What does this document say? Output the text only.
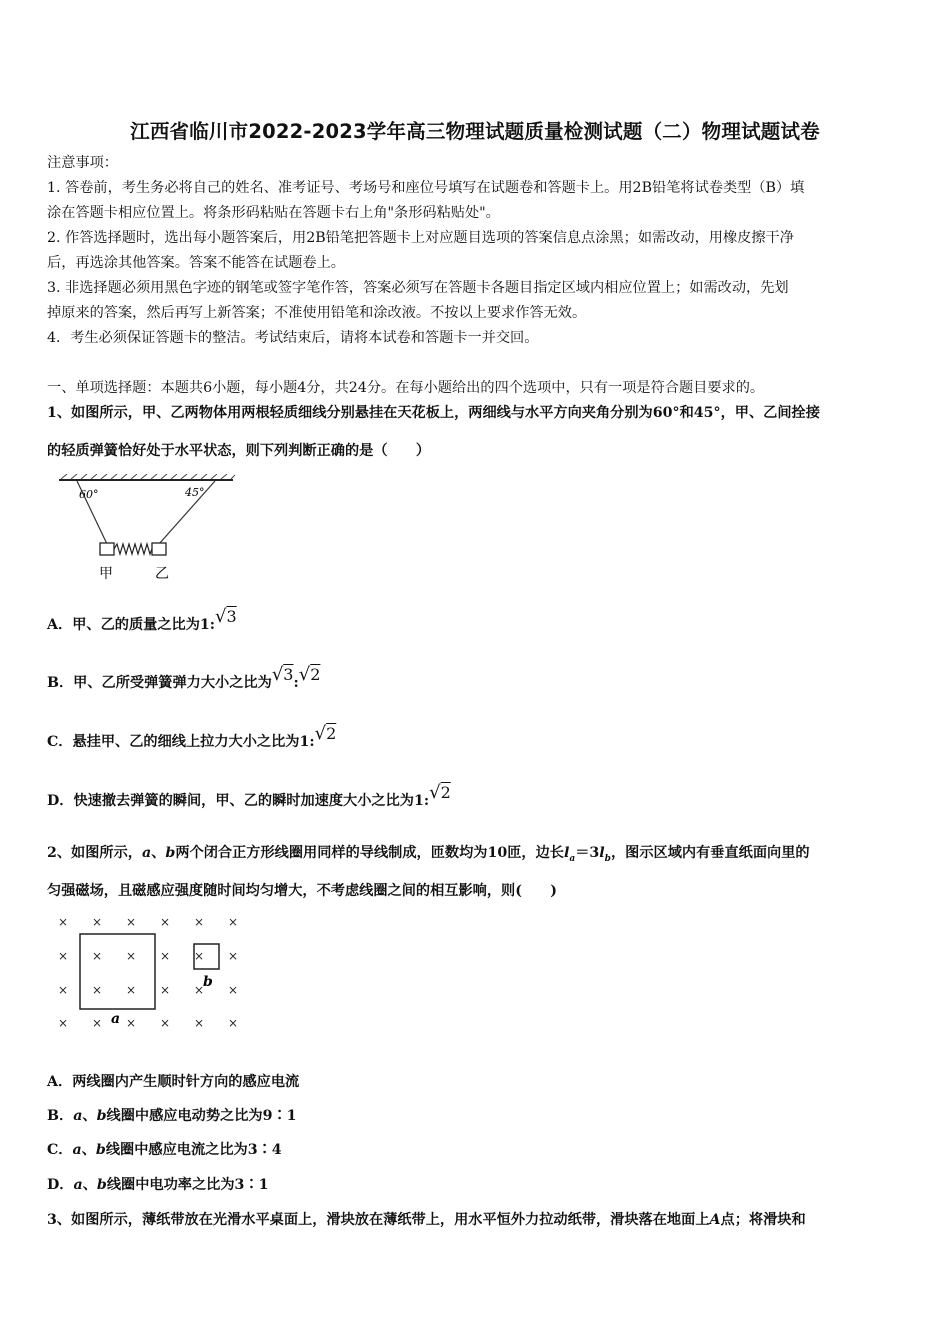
江西省临川市2022-2023学年高三物理试题质量检测试题（二）物理试题试卷
注意事项：
1. 答卷前，考生务必将自己的姓名、准考证号、考场号和座位号填写在试题卷和答题卡上。用2B铅笔将试卷类型（B）填
涂在答题卡相应位置上。将条形码粘贴在答题卡右上角"条形码粘贴处"。
2. 作答选择题时，选出每小题答案后，用2B铅笔把答题卡上对应题目选项的答案信息点涂黑；如需改动，用橡皮擦干净
后，再选涂其他答案。答案不能答在试题卷上。
3. 非选择题必须用黑色字迹的钢笔或签字笔作答，答案必须写在答题卡各题目指定区域内相应位置上；如需改动，先划
掉原来的答案，然后再写上新答案；不准使用铅笔和涂改液。不按以上要求作答无效。
4．考生必须保证答题卡的整洁。考试结束后，请将本试卷和答题卡一并交回。
一、单项选择题：本题共6小题，每小题4分，共24分。在每小题给出的四个选项中，只有一项是符合题目要求的。
1、如图所示，甲、乙两物体用两根轻质细线分别悬挂在天花板上，两细线与水平方向夹角分别为60°和45°，甲、乙间拴接
的轻质弹簧恰好处于水平状态，则下列判断正确的是（　　）
60°	45°
甲	乙
A．甲、乙的质量之比为1:√3
B．甲、乙所受弹簧弹力大小之比为√3:√2
C．悬挂甲、乙的细线上拉力大小之比为1:√2
D．快速撤去弹簧的瞬间，甲、乙的瞬时加速度大小之比为1:√2
2、如图所示，a、b两个闭合正方形线圈用同样的导线制成，匝数均为10匝，边长$l_a=3l_b$，图示区域内有垂直纸面向里的
匀强磁场，且磁感应强度随时间均匀增大，不考虑线圈之间的相互影响，则(　　)
× × × × × ×
× × × × × ×
× × × × × ×
× × × × × ×
a
b
A．两线圈内产生顺时针方向的感应电流
B．a、b线圈中感应电动势之比为9∶1
C．a、b线圈中感应电流之比为3∶4
D．a、b线圈中电功率之比为3∶1
3、如图所示，薄纸带放在光滑水平桌面上，滑块放在薄纸带上，用水平恒外力拉动纸带，滑块落在地面上A点；将滑块和
